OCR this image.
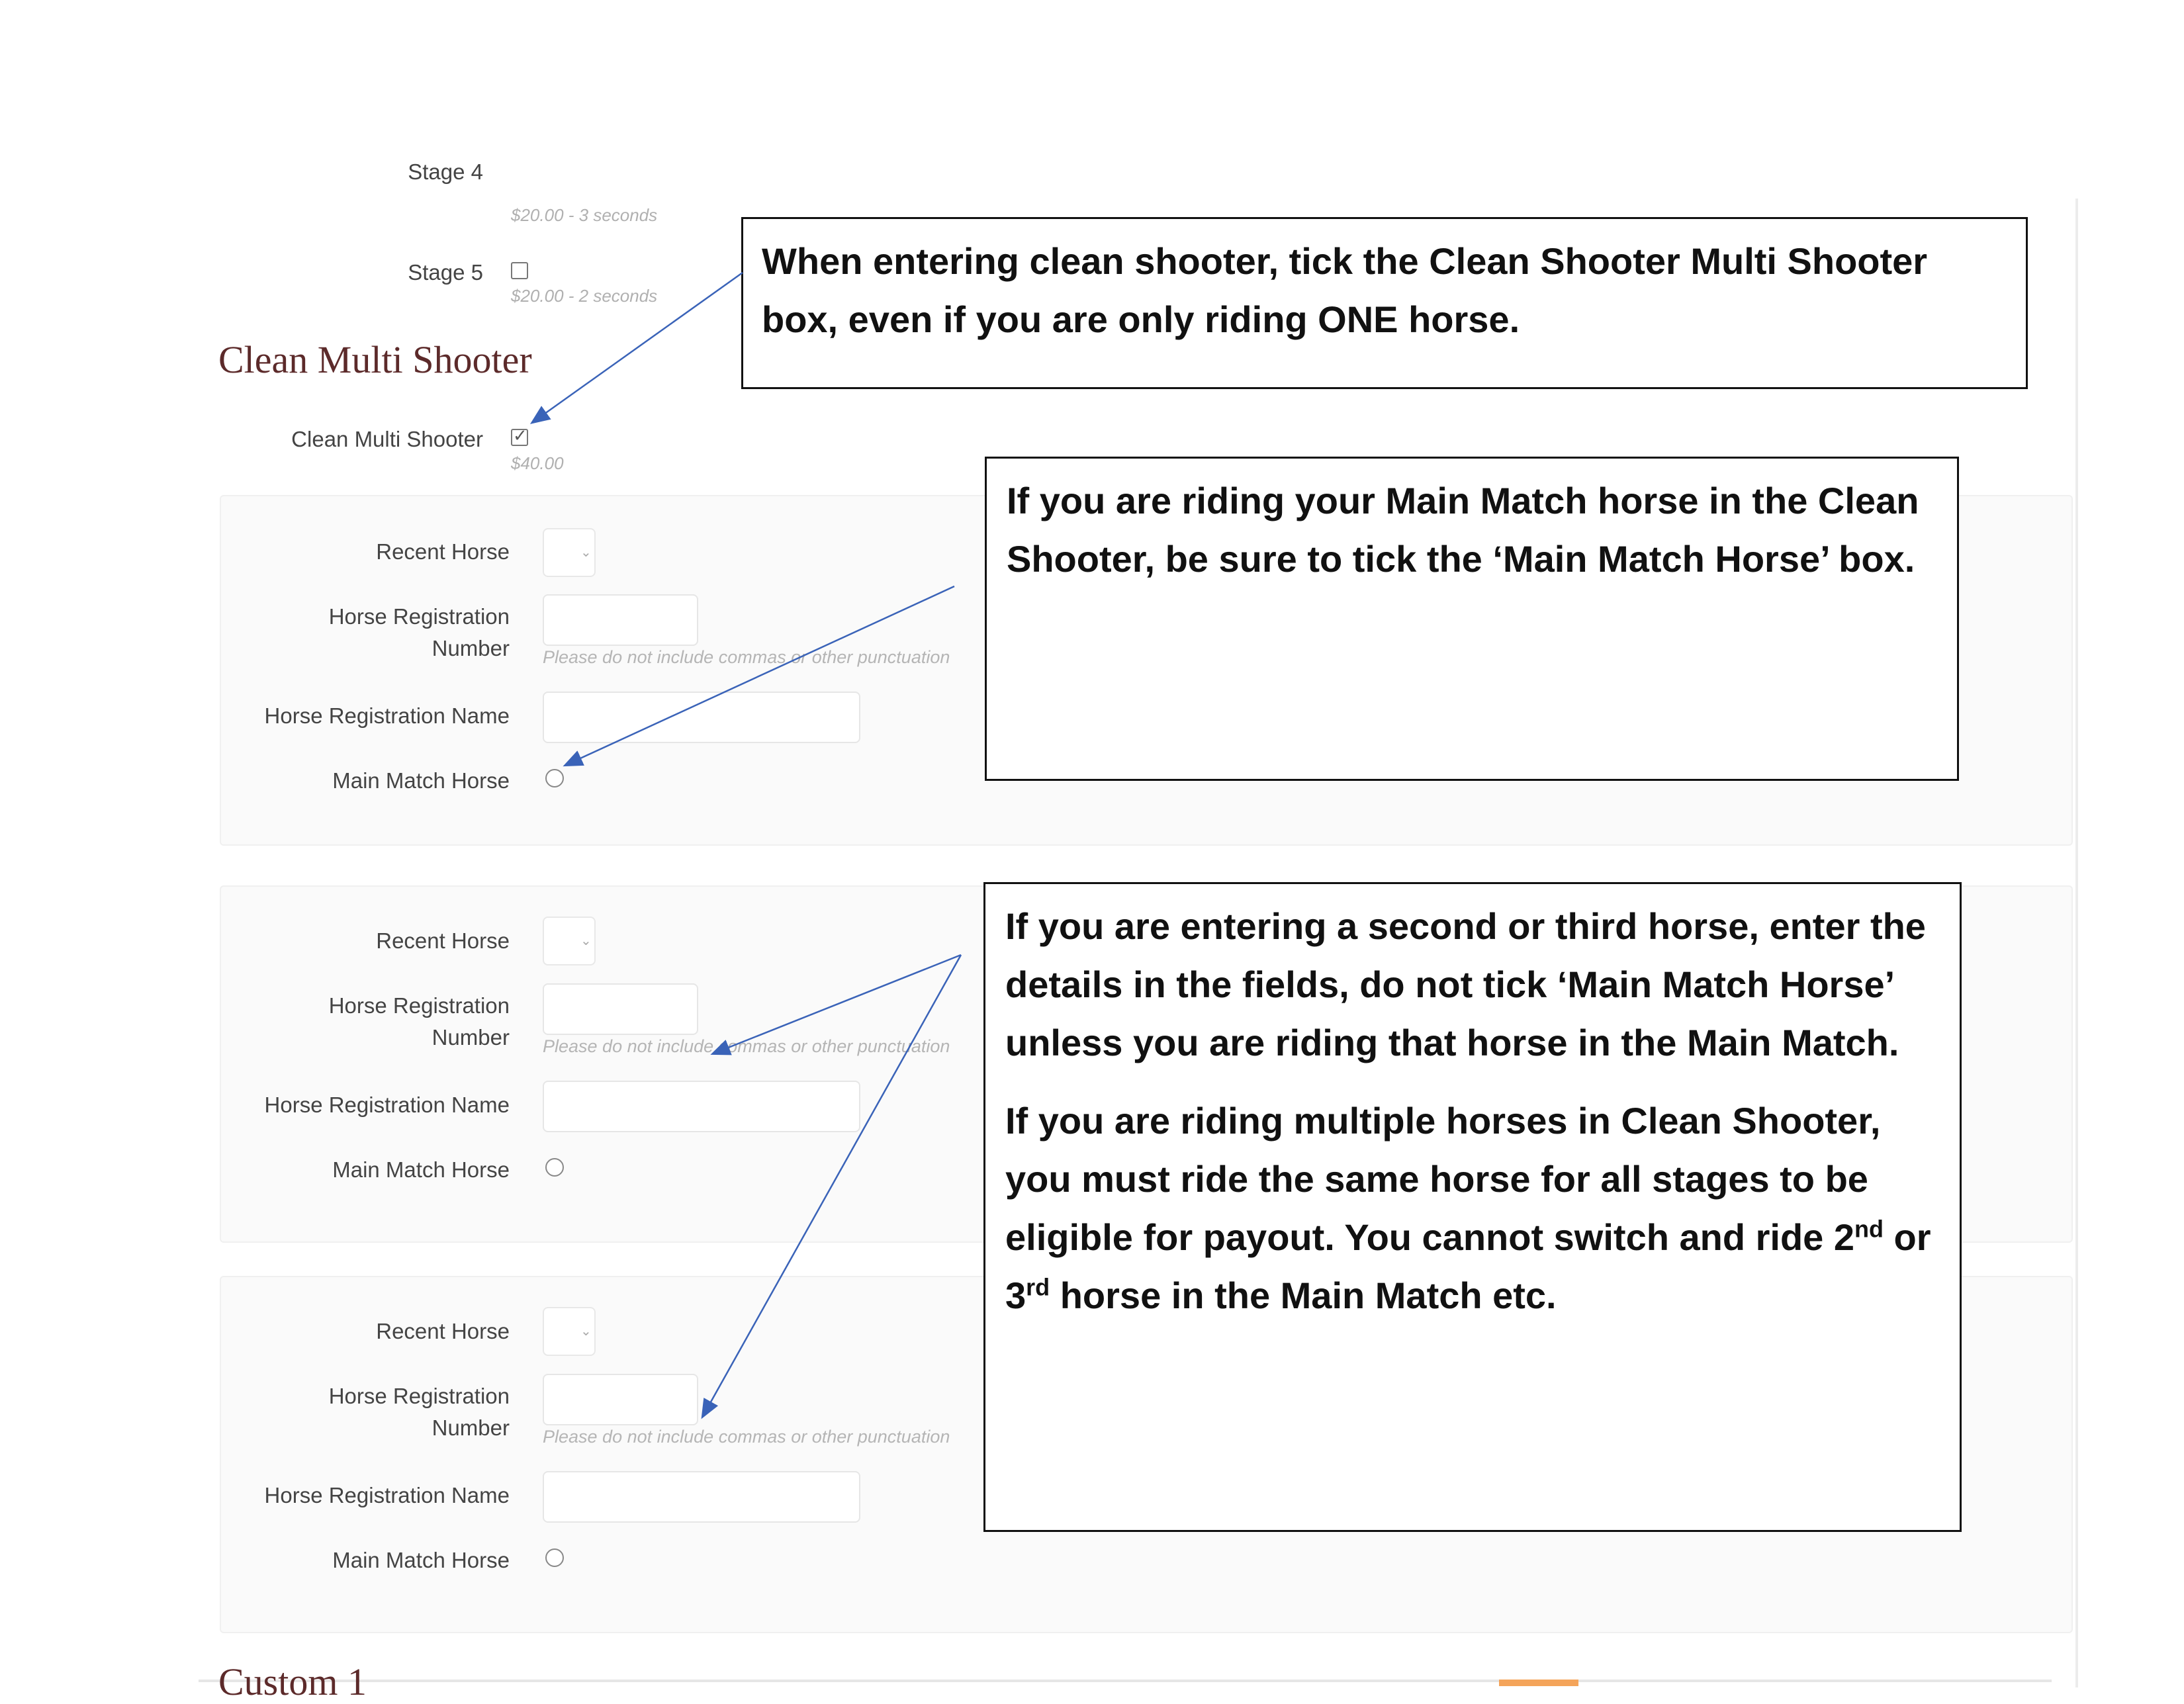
Stage 4
$20.00 - 3 seconds
Stage 5
$20.00 - 2 seconds
Clean Multi Shooter
Clean Multi Shooter
✓
$40.00
Recent Horse	⌄
Horse Registration
Number Please do not include commas or other punctuation
Horse Registration Name
Main Match Horse
Recent Horse	⌄
Horse Registration
Number Please do not include commas or other punctuation
Horse Registration Name
Main Match Horse
Recent Horse	⌄
Horse Registration
Number Please do not include commas or other punctuation
Horse Registration Name
Main Match Horse
Custom 1

When entering clean shooter, tick the Clean Shooter Multi Shooter box, even if you are only riding ONE horse.

If you are riding your Main Match horse in the Clean Shooter, be sure to tick the ‘Main Match Horse’ box.

If you are entering a second or third horse, enter the details in the fields, do not tick ‘Main Match Horse’ unless you are riding that horse in the Main Match.

If you are riding multiple horses in Clean Shooter, you must ride the same horse for all stages to be eligible for payout. You cannot switch and ride 2nd or 3rd horse in the Main Match etc.
